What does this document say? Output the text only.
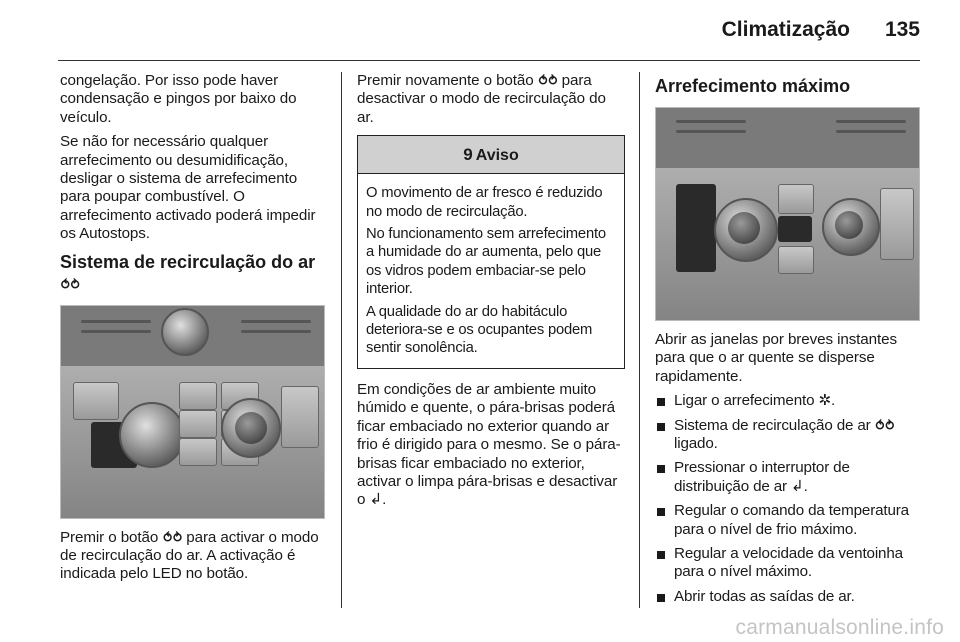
Climatização	135

congelação. Por isso pode haver condensação e pingos por baixo do veículo.

Se não for necessário qualquer arrefecimento ou desumidificação, desligar o sistema de arrefecimento para poupar combustível. O arrefecimento activado poderá impedir os Autostops.

Sistema de recirculação do ar ⥀⥁

Premir o botão ⥀⥁ para activar o modo de recirculação do ar. A activação é indicada pelo LED no botão.

Premir novamente o botão ⥀⥁ para desactivar o modo de recirculação do ar.

9 Aviso

O movimento de ar fresco é reduzido no modo de recirculação.

No funcionamento sem arrefecimento a humidade do ar aumenta, pelo que os vidros podem embaciar-se pelo interior.

A qualidade do ar do habitáculo deteriora-se e os ocupantes podem sentir sonolência.

Em condições de ar ambiente muito húmido e quente, o pára-brisas poderá ficar embaciado no exterior quando ar frio é dirigido para o mesmo. Se o pára-brisas ficar embaciado no exterior, activar o limpa pára-brisas e desactivar o ↲.

Arrefecimento máximo

Abrir as janelas por breves instantes para que o ar quente se disperse rapidamente.

Ligar o arrefecimento ✲.
Sistema de recirculação de ar ⥀⥁ ligado.
Pressionar o interruptor de distribuição de ar ↲.
Regular o comando da temperatura para o nível de frio máximo.
Regular a velocidade da ventoinha para o nível máximo.
Abrir todas as saídas de ar.
carmanualsonline.info
